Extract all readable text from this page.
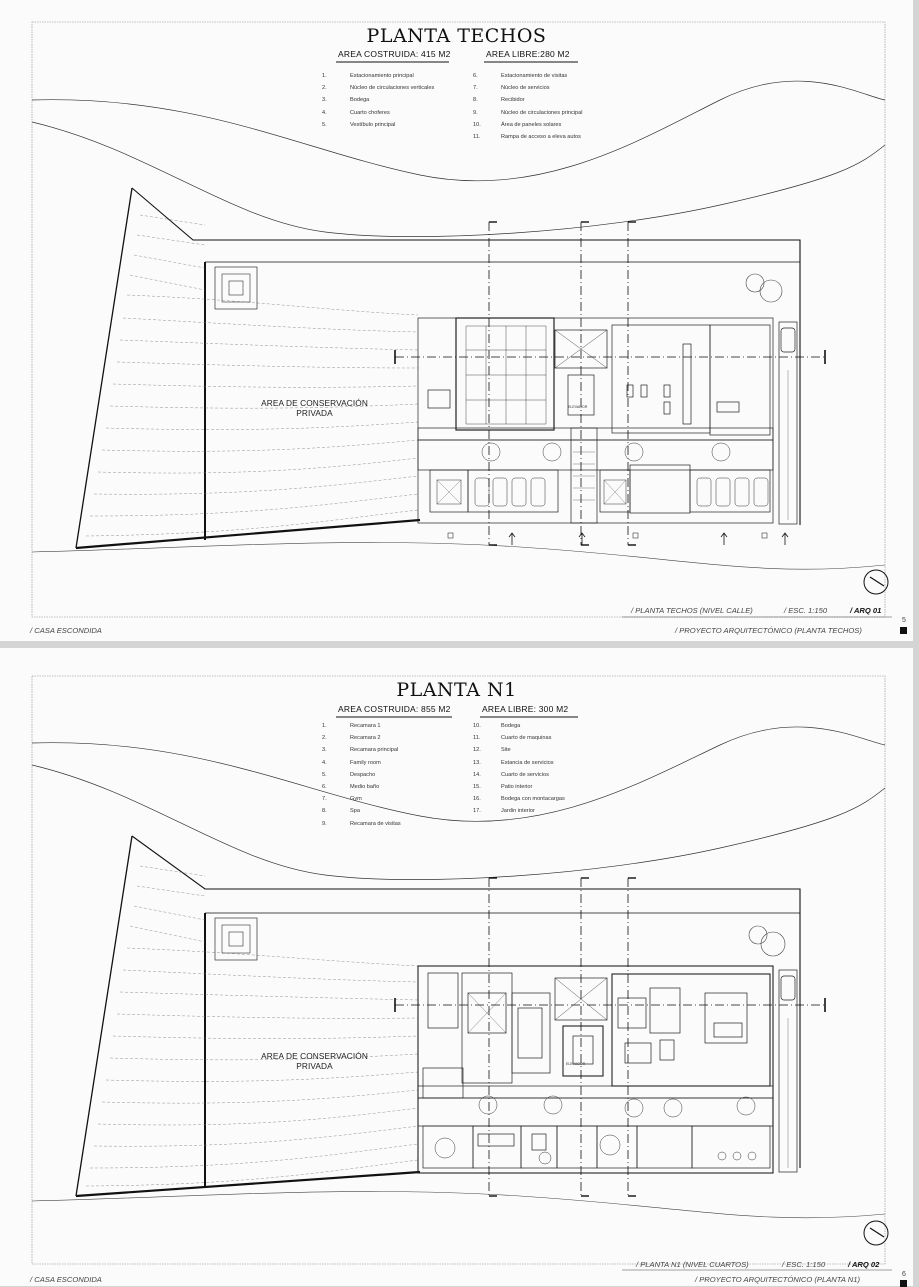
PLANTA TECHOS
AREA COSTRUIDA: 415 M2	AREA LIBRE:280 M2
1.	Estacionamiento principal
2.	Núcleo de circulaciones verticales
3.	Bodega
4.	Cuarto choferes
5.	Vestíbulo principal
6.	Estacionamiento de visitas
7.	Núcleo de servicios
8.	Recibidor
9.	Núcleo de circulaciones principal
10.	Área de paneles solares
11.	Rampa de acceso a eleva autos
AREA DE CONSERVACIÓN
PRIVADA
ELEVADOR
/ PLANTA TECHOS (NIVEL CALLE)	/ ESC. 1:150	/ ARQ 01
/ CASA ESCONDIDA	/ PROYECTO ARQUITECTÓNICO (PLANTA TECHOS)
5
PLANTA N1
AREA COSTRUIDA: 855 M2	AREA LIBRE: 300 M2
1.	Recamara 1
2.	Recamara 2
3.	Recamara principal
4.	Family room
5.	Despacho
6.	Medio baño
7.	Gym
8.	Spa
9.	Recamara de visitas
10.	Bodega
11.	Cuarto de maquinas
12.	Site
13.	Estancia de servicios
14.	Cuarto de servicios
15.	Patio interior
16.	Bodega con montacargas
17.	Jardin interior
AREA DE CONSERVACIÓN
PRIVADA	ELEVADOR
/ PLANTA N1 (NIVEL CUARTOS)	/ ESC. 1:150	/ ARQ 02
/ CASA ESCONDIDA	/ PROYECTO ARQUITECTÓNICO (PLANTA N1)
6
